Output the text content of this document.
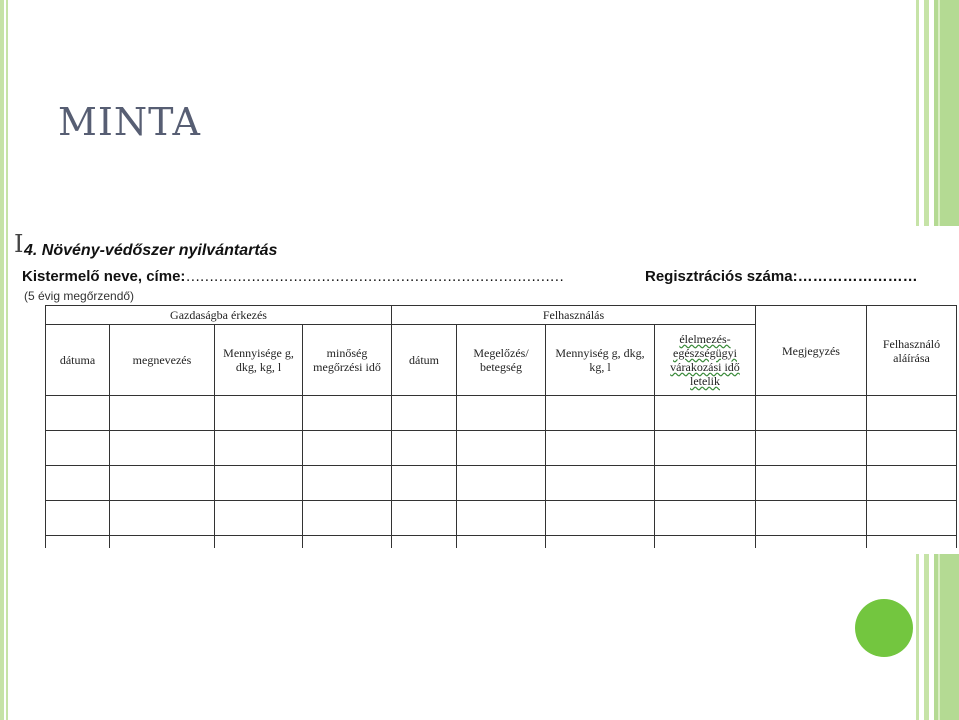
MINTA
I 4. Növény-védőszer nyilvántartás
Kistermelő neve, címe:………………………………………………………………………	Regisztrációs száma:……………………
(5 évig megőrzendő)
Gazdaságba érkezés				Felhasználás				Megjegyzés	Felhasználó aláírása
dátuma	megnevezés	Mennyisége g, dkg, kg, l	minőség megőrzési idő	dátum	Megelőzés/ betegség	Mennyiség g, dkg, kg, l	élelmezés-egészségügyi várakozási idő letelik		
